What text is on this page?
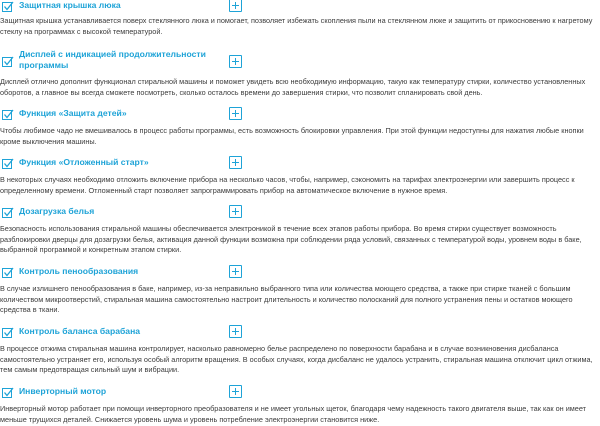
Защитная крышка люка

Защитная крышка устанавливается поверх стеклянного люка и помогает, позволяет избежать скопления пыли на стеклянном люке и защитить от прикосновению к нагретому стеклу на программах с высокой температурой.

Дисплей с индикацией продолжительности программы

Дисплей отлично дополнит функционал стиральной машины и поможет увидеть всю необходимую информацию, такую как температуру стирки, количество установленных оборотов, а главное вы всегда сможете посмотреть, сколько осталось времени до завершения стирки, что позволит спланировать свой день.

Функция «Защита детей»

Чтобы любимое чадо не вмешивалось в процесс работы программы, есть возможность блокировки управления. При этой функции недоступны для нажатия любые кнопки кроме выключения машины.

Функция «Отложенный старт»

В некоторых случаях необходимо отложить включение прибора на несколько часов, чтобы, например, сэкономить на тарифах электроэнергии или завершить процесс к определенному времени. Отложенный старт позволяет запрограммировать прибор на автоматическое включение в нужное время.

Дозагрузка белья

Безопасность использования стиральной машины обеспечивается электроникой в течение всех этапов работы прибора. Во время стирки существует возможность разблокировки дверцы для дозагрузки белья, активация данной функции возможна при соблюдении ряда условий, связанных с температурой воды, уровнем воды в баке, выбранной программой и конкретным этапом стирки.

Контроль пенообразования

В случае излишнего пенообразования в баке, например, из-за неправильно выбранного типа или количества моющего средства, а также при стирке тканей с большим количеством микроотверстий, стиральная машина самостоятельно настроит длительность и количество полосканий для полного устранения пены и остатков моющего средства в ткани.

Контроль баланса барабана

В процессе отжима стиральная машина контролирует, насколько равномерно белье распределено по поверхности барабана и в случае возникновения дисбаланса самостоятельно устраняет его, используя особый алгоритм вращения. В особых случаях, когда дисбаланс не удалось устранить, стиральная машина отключит цикл отжима, тем самым предотвращая сильный шум и вибрации.

Инверторный мотор

Инверторный мотор работает при помощи инверторного преобразователя и не имеет угольных щеток, благодаря чему надежность такого двигателя выше, так как он имеет меньше трущихся деталей. Снижается уровень шума и уровень потребление электроэнергии становится ниже.
